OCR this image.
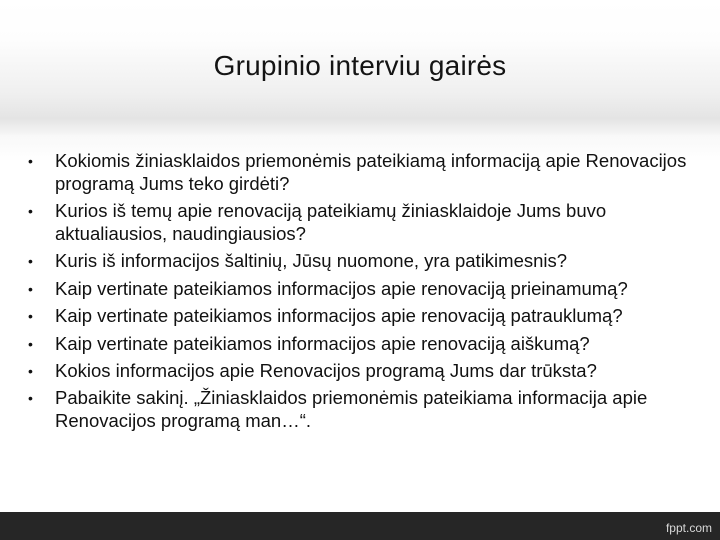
Grupinio interviu gairės
•	Kokiomis žiniasklaidos priemonėmis pateikiamą informaciją apie Renovacijos programą Jums teko girdėti?
•	Kurios iš temų apie renovaciją pateikiamų žiniasklaidoje Jums buvo aktualiausios, naudingiausios?
•	Kuris iš informacijos šaltinių, Jūsų nuomone, yra patikimesnis?
•	Kaip vertinate pateikiamos informacijos apie renovaciją prieinamumą?
•	Kaip vertinate pateikiamos informacijos apie renovaciją patrauklumą?
•	Kaip vertinate pateikiamos informacijos apie renovaciją aiškumą?
•	Kokios informacijos apie Renovacijos programą Jums dar trūksta?
•	Pabaikite sakinį. „Žiniasklaidos priemonėmis pateikiama informacija apie Renovacijos programą man…“.
fppt.com
